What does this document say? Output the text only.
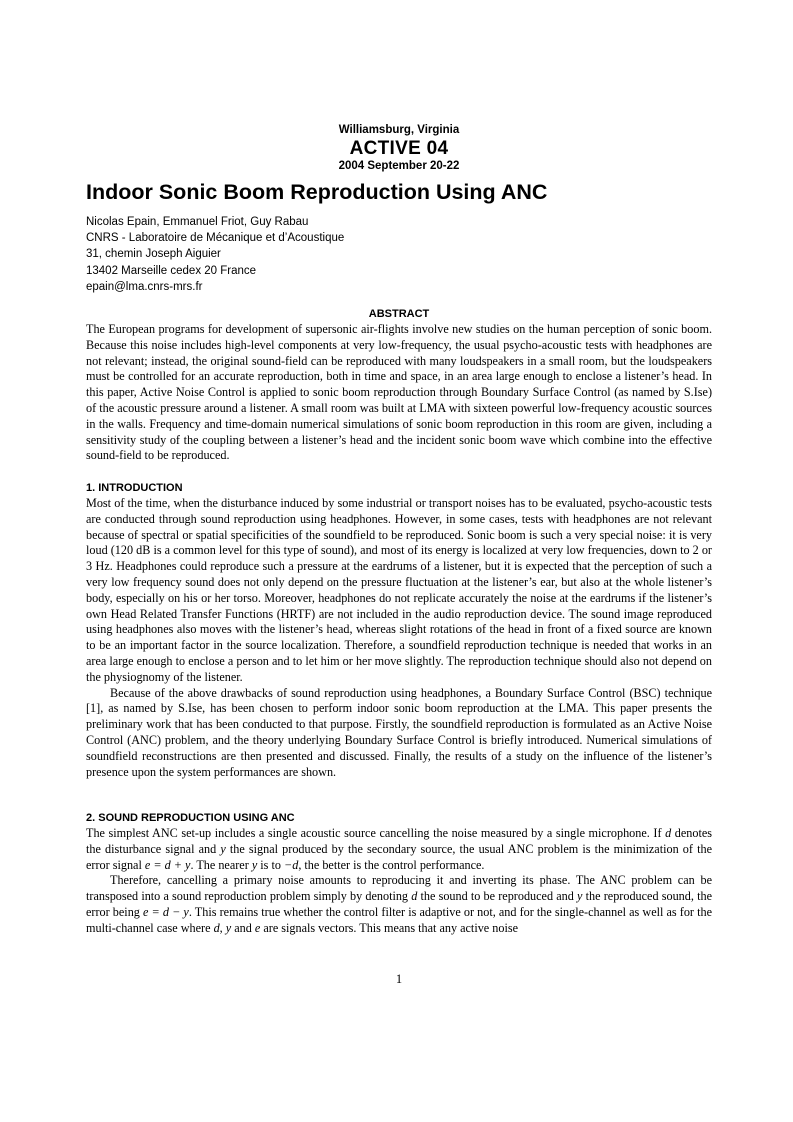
Williamsburg, Virginia
ACTIVE 04
2004 September 20-22
Indoor Sonic Boom Reproduction Using ANC
Nicolas Epain, Emmanuel Friot, Guy Rabau
CNRS - Laboratoire de Mécanique et d’Acoustique
31, chemin Joseph Aiguier
13402 Marseille cedex 20 France
epain@lma.cnrs-mrs.fr
ABSTRACT
The European programs for development of supersonic air-flights involve new studies on the human perception of sonic boom. Because this noise includes high-level components at very low-frequency, the usual psycho-acoustic tests with headphones are not relevant; instead, the original sound-field can be reproduced with many loudspeakers in a small room, but the loudspeakers must be controlled for an accurate reproduction, both in time and space, in an area large enough to enclose a listener’s head. In this paper, Active Noise Control is applied to sonic boom reproduction through Boundary Surface Control (as named by S.Ise) of the acoustic pressure around a listener. A small room was built at LMA with sixteen powerful low-frequency acoustic sources in the walls. Frequency and time-domain numerical simulations of sonic boom reproduction in this room are given, including a sensitivity study of the coupling between a listener’s head and the incident sonic boom wave which combine into the effective sound-field to be reproduced.
1. INTRODUCTION

Most of the time, when the disturbance induced by some industrial or transport noises has to be evaluated, psycho-acoustic tests are conducted through sound reproduction using headphones. However, in some cases, tests with headphones are not relevant because of spectral or spatial specificities of the soundfield to be reproduced. Sonic boom is such a very special noise: it is very loud (120 dB is a common level for this type of sound), and most of its energy is localized at very low frequencies, down to 2 or 3 Hz. Headphones could reproduce such a pressure at the eardrums of a listener, but it is expected that the perception of such a very low frequency sound does not only depend on the pressure fluctuation at the listener’s ear, but also at the whole listener’s body, especially on his or her torso. Moreover, headphones do not replicate accurately the noise at the eardrums if the listener’s own Head Related Transfer Functions (HRTF) are not included in the audio reproduction device. The sound image reproduced using headphones also moves with the listener’s head, whereas slight rotations of the head in front of a fixed source are known to be an important factor in the source localization. Therefore, a soundfield reproduction technique is needed that works in an area large enough to enclose a person and to let him or her move slightly. The reproduction technique should also not depend on the physiognomy of the listener.

Because of the above drawbacks of sound reproduction using headphones, a Boundary Surface Control (BSC) technique [1], as named by S.Ise, has been chosen to perform indoor sonic boom reproduction at the LMA. This paper presents the preliminary work that has been conducted to that purpose. Firstly, the soundfield reproduction is formulated as an Active Noise Control (ANC) problem, and the theory underlying Boundary Surface Control is briefly introduced. Numerical simulations of soundfield reconstructions are then presented and discussed. Finally, the results of a study on the influence of the listener’s presence upon the system performances are shown.

2. SOUND REPRODUCTION USING ANC

The simplest ANC set-up includes a single acoustic source cancelling the noise measured by a single microphone. If d denotes the disturbance signal and y the signal produced by the secondary source, the usual ANC problem is the minimization of the error signal e = d + y. The nearer y is to −d, the better is the control performance.

Therefore, cancelling a primary noise amounts to reproducing it and inverting its phase. The ANC problem can be transposed into a sound reproduction problem simply by denoting d the sound to be reproduced and y the reproduced sound, the error being e = d − y. This remains true whether the control filter is adaptive or not, and for the single-channel as well as for the multi-channel case where d, y and e are signals vectors. This means that any active noise

1
